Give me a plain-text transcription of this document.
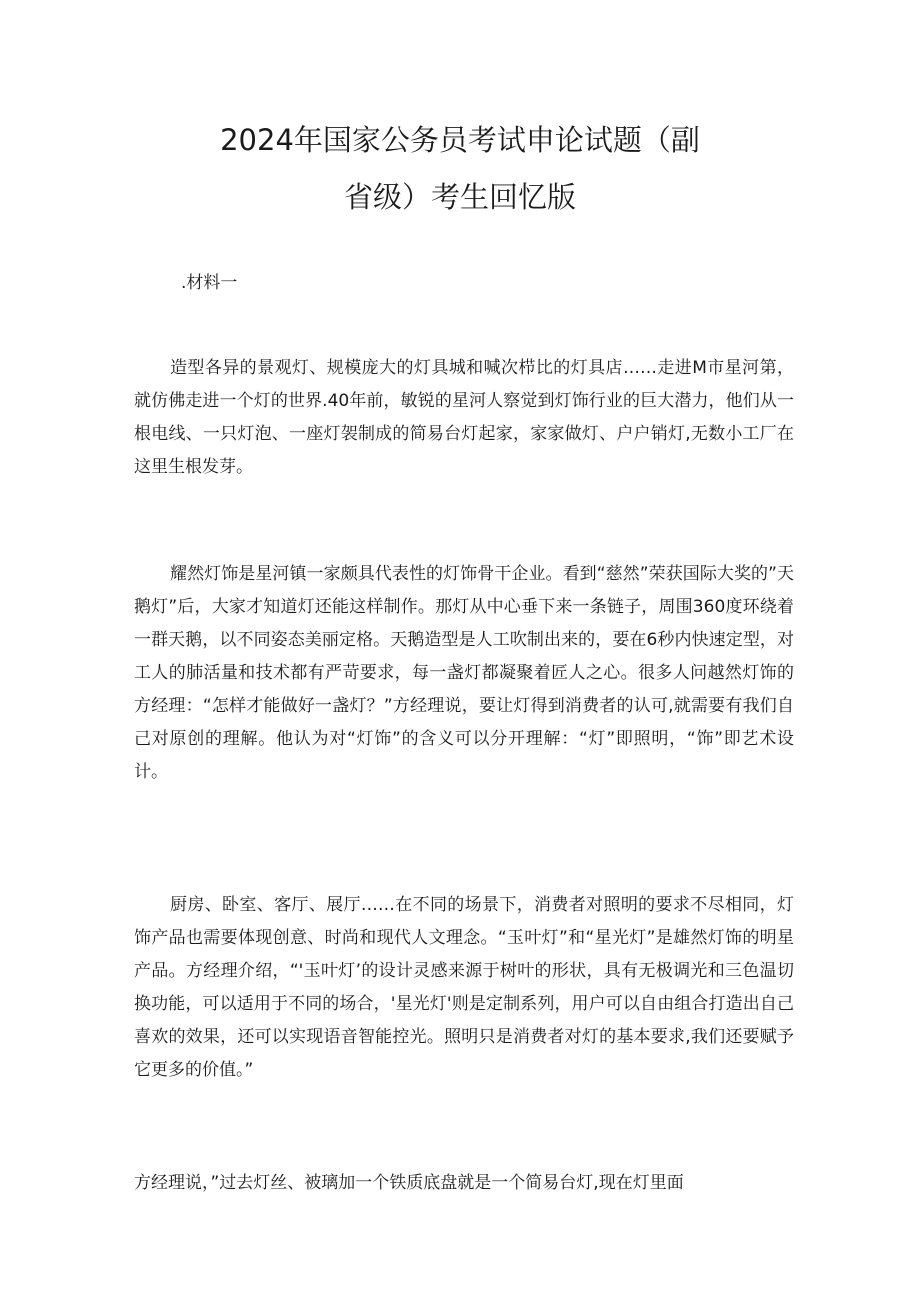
2024年国家公务员考试申论试题（副
省级）考生回忆版

.材料一

造型各异的景观灯、规模庞大的灯具城和喊次栉比的灯具店……走进M市星河第，就仿佛走进一个灯的世界.40年前，敏锐的星河人察觉到灯饰行业的巨大潜力，他们从一根电线、一只灯泡、一座灯袈制成的简易台灯起家，家家做灯、户户销灯,无数小工厂在这里生根发芽。

耀然灯饰是星河镇一家颇具代表性的灯饰骨干企业。看到“慈然”荣获国际大奖的”天鹅灯”后，大家才知道灯还能这样制作。那灯从中心垂下来一条链子，周围360度环绕着一群天鹅，以不同姿态美丽定格。天鹅造型是人工吹制出来的，要在6秒内快速定型，对工人的肺活量和技术都有严苛要求，每一盏灯都凝聚着匠人之心。很多人问越然灯饰的方经理：“怎样才能做好一盏灯？”方经理说，要让灯得到消费者的认可,就需要有我们自己对原创的理解。他认为对“灯饰”的含义可以分开理解：“灯”即照明，“饰”即艺术设计。

厨房、卧室、客厅、展厅……在不同的场景下，消费者对照明的要求不尽相同，灯饰产品也需要体现创意、时尚和现代人文理念。“玉叶灯”和“星光灯”是雄然灯饰的明星产品。方经理介绍，“'玉叶灯’的设计灵感来源于树叶的形状，具有无极调光和三色温切换功能，可以适用于不同的场合，'星光灯'则是定制系列，用户可以自由组合打造出自己喜欢的效果，还可以实现语音智能控光。照明只是消费者对灯的基本要求,我们还要赋予它更多的价值。”

方经理说，”过去灯丝、被璃加一个铁质底盘就是一个简易台灯,现在灯里面
